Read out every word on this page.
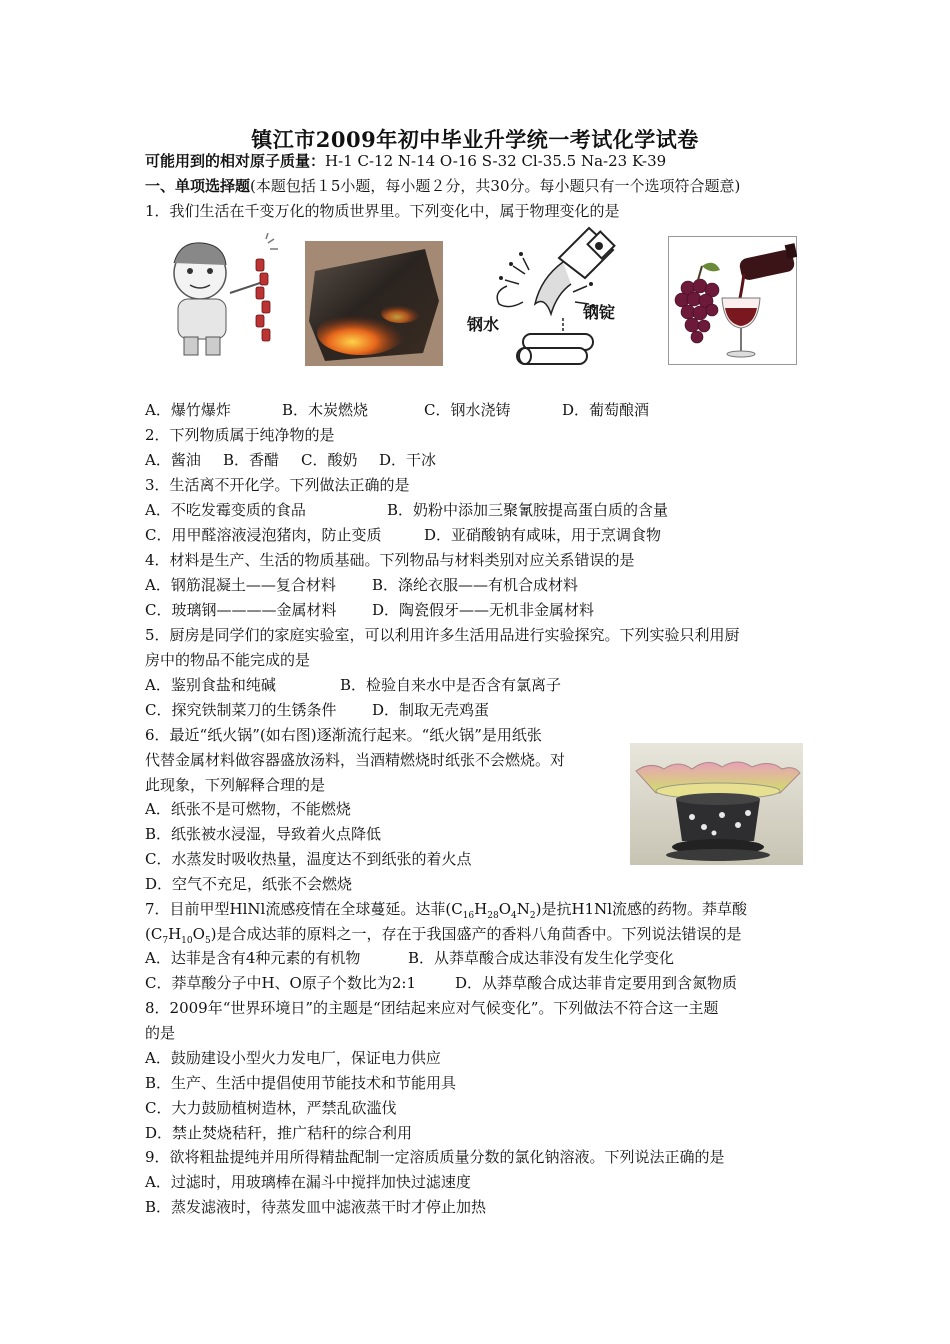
镇江市2009年初中毕业升学统一考试化学试卷
可能用到的相对原子质量：H-1 C-12 N-14 O-16 S-32 Cl-35.5 Na-23 K-39
一、单项选择题(本题包括１5小题，每小题２分，共30分。每小题只有一个选项符合题意)
1．我们生活在千变万化的物质世界里。下列变化中，属于物理变化的是
钢水
钢锭
A．爆竹爆炸	B．木炭燃烧	C．钢水浇铸	D．葡萄酿酒
2．下列物质属于纯净物的是
A．酱油 B．香醋 C．酸奶 D．干冰
3．生活离不开化学。下列做法正确的是
A．不吃发霉变质的食品	B．奶粉中添加三聚氰胺提高蛋白质的含量
C．用甲醛溶液浸泡猪肉，防止变质	D．亚硝酸钠有咸味，用于烹调食物
4．材料是生产、生活的物质基础。下列物品与材料类别对应关系错误的是
A．钢筋混凝土——复合材料 B．涤纶衣服——有机合成材料
C．玻璃钢————金属材料 D．陶瓷假牙——无机非金属材料
5．厨房是同学们的家庭实验室，可以利用许多生活用品进行实验探究。下列实验只利用厨
房中的物品不能完成的是
A．鉴别食盐和纯碱	B．检验自来水中是否含有氯离子
C．探究铁制菜刀的生锈条件 D．制取无壳鸡蛋
6．最近“纸火锅”(如右图)逐渐流行起来。“纸火锅”是用纸张
代替金属材料做容器盛放汤料，当酒精燃烧时纸张不会燃烧。对
此现象，下列解释合理的是
A．纸张不是可燃物，不能燃烧
B．纸张被水浸湿，导致着火点降低
C．水蒸发时吸收热量，温度达不到纸张的着火点
D．空气不充足，纸张不会燃烧
7．目前甲型HlNl流感疫情在全球蔓延。达菲$(C_{16}H_{28}O_4N_2)$是抗H1Nl流感的药物。莽草酸
$(C_7H_{10}O_5)$是合成达菲的原料之一，存在于我国盛产的香料八角茴香中。下列说法错误的是
A．达菲是含有4种元素的有机物	B．从莽草酸合成达菲没有发生化学变化
C．莽草酸分子中H、O原子个数比为2:1	D．从莽草酸合成达菲肯定要用到含氮物质
8．2009年“世界环境日”的主题是“团结起来应对气候变化”。下列做法不符合这一主题
的是
A．鼓励建设小型火力发电厂，保证电力供应
B．生产、生活中提倡使用节能技术和节能用具
C．大力鼓励植树造林，严禁乱砍滥伐
D．禁止焚烧秸秆，推广秸秆的综合利用
9．欲将粗盐提纯并用所得精盐配制一定溶质质量分数的氯化钠溶液。下列说法正确的是
A．过滤时，用玻璃棒在漏斗中搅拌加快过滤速度
B．蒸发滤液时，待蒸发皿中滤液蒸干时才停止加热
